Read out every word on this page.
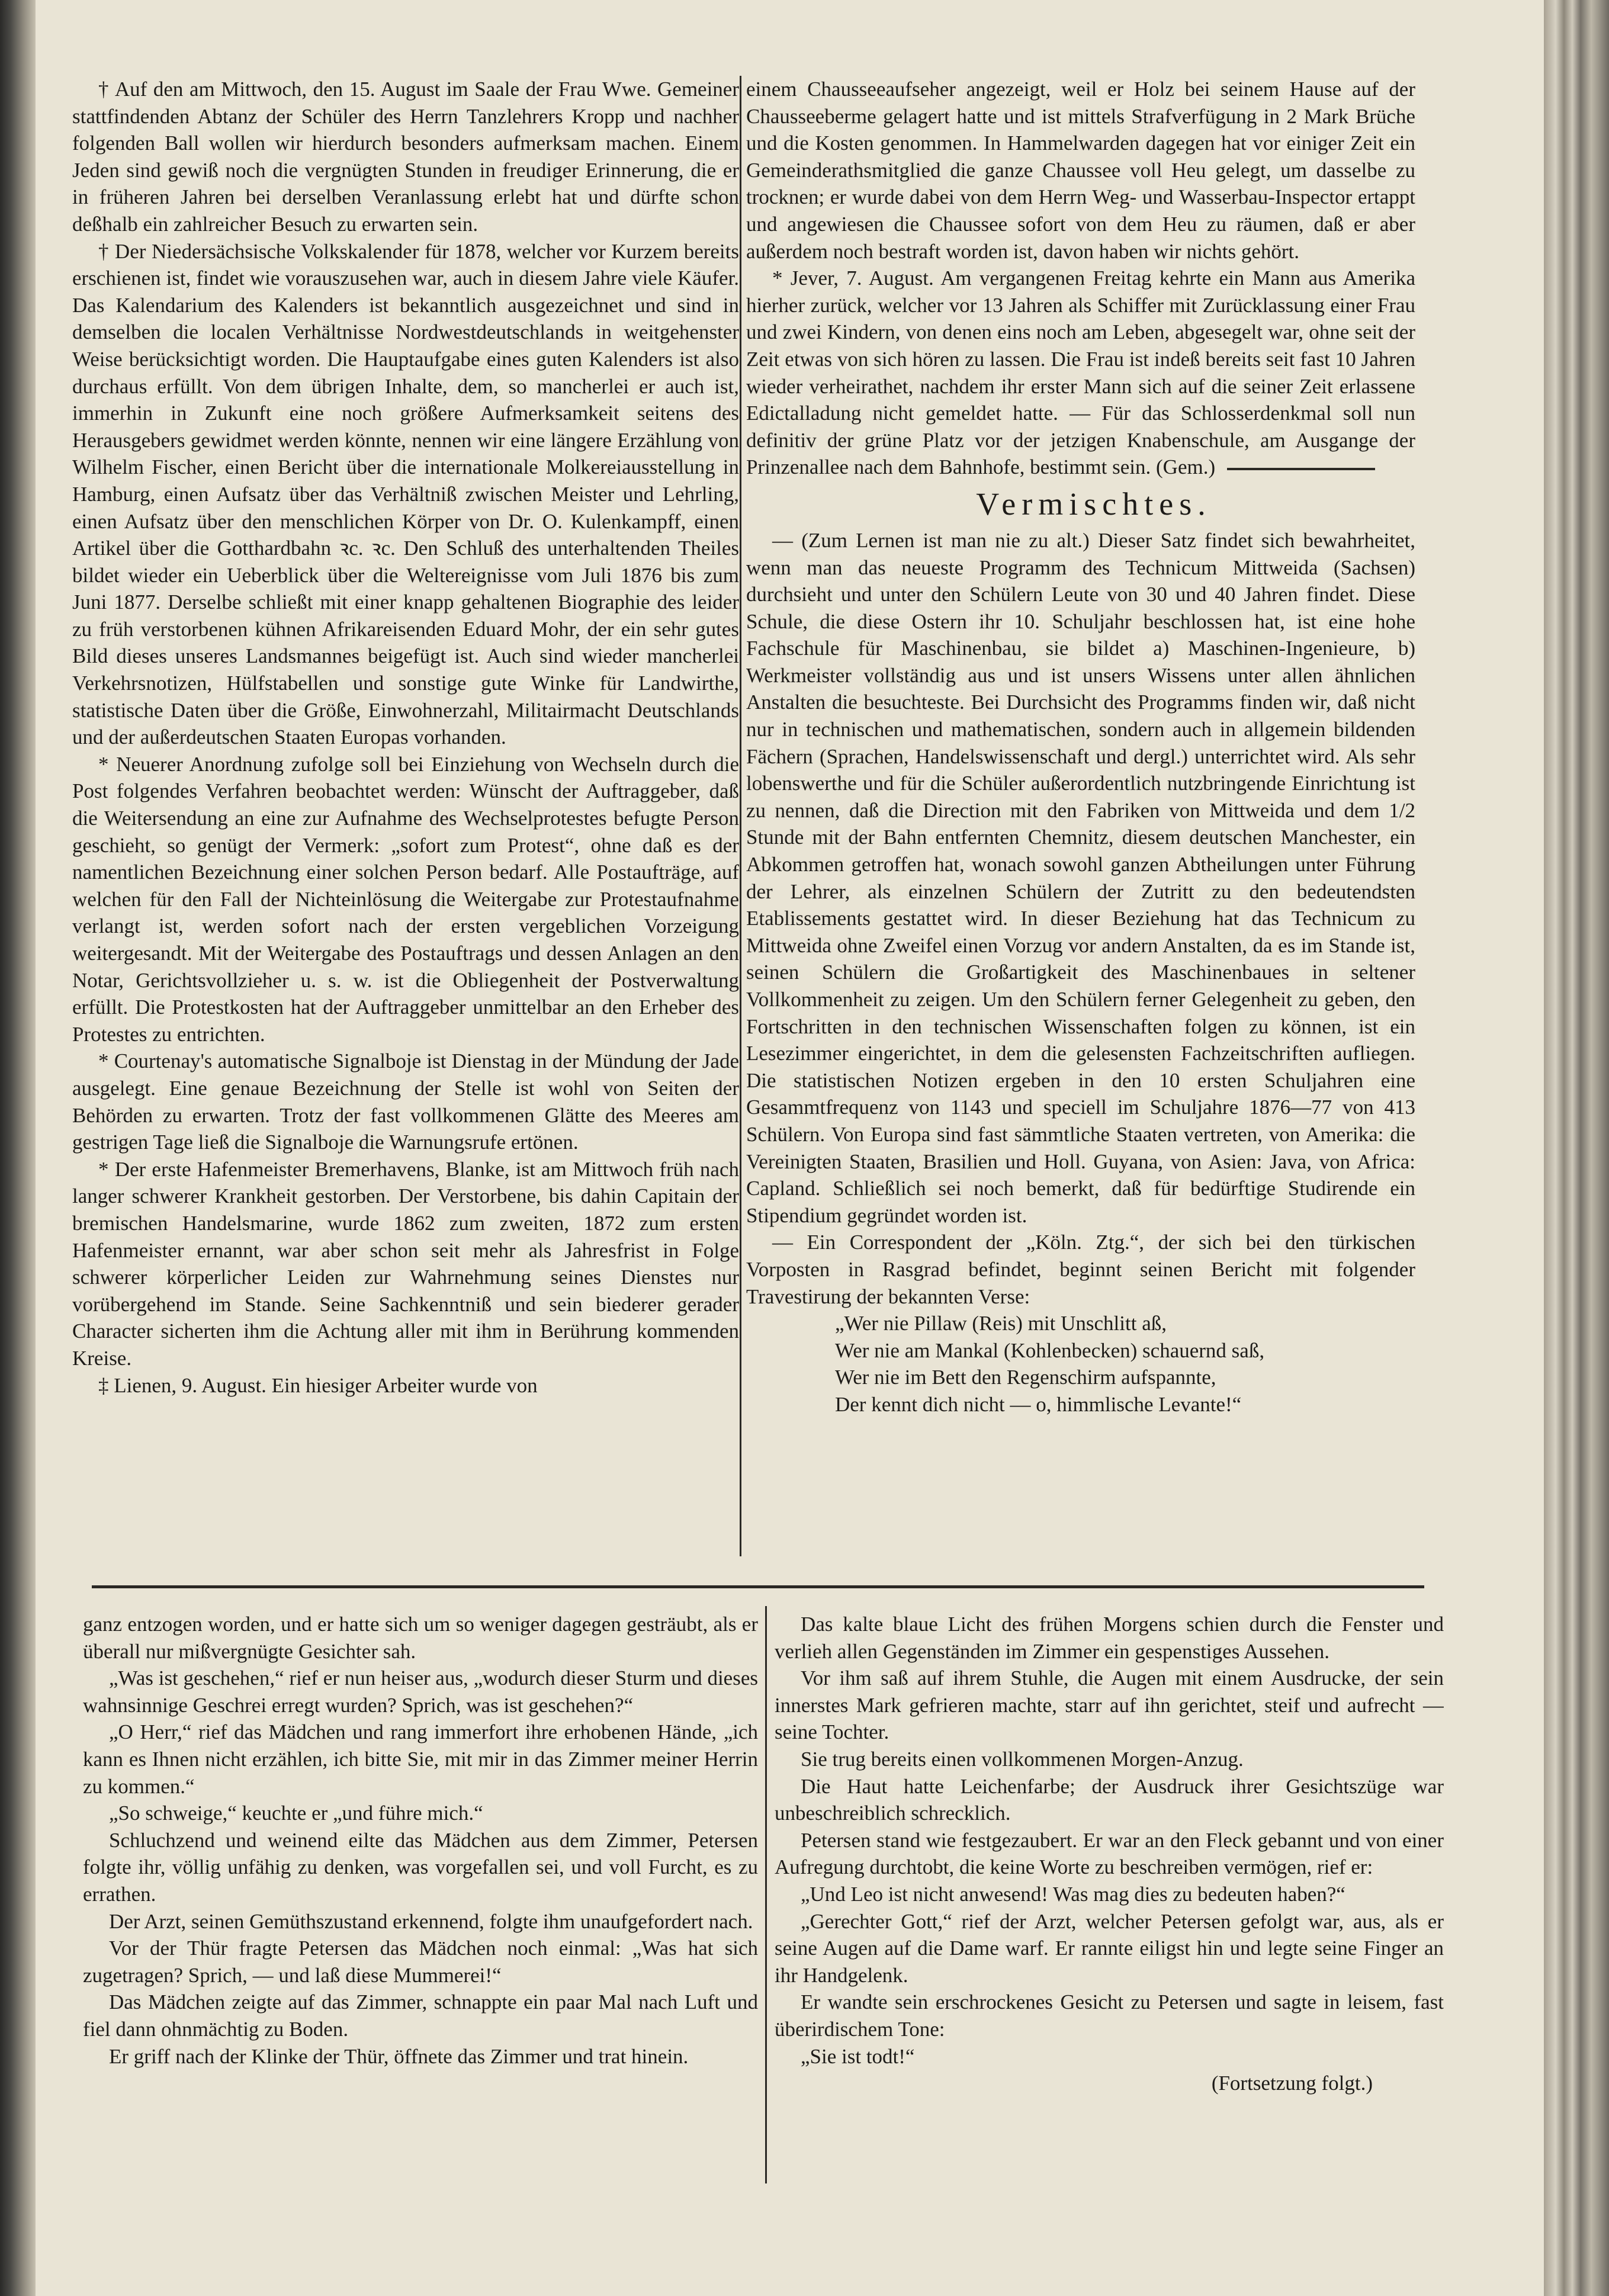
† Auf den am Mittwoch, den 15. August im Saale der Frau Wwe. Gemeiner stattfindenden Abtanz der Schüler des Herrn Tanzlehrers Kropp und nachher folgenden Ball wollen wir hierdurch besonders aufmerksam machen. Einem Jeden sind gewiß noch die vergnügten Stunden in freudiger Erinnerung, die er in früheren Jahren bei derselben Veranlassung erlebt hat und dürfte schon deßhalb ein zahlreicher Besuch zu erwarten sein.

† Der Niedersächsische Volkskalender für 1878, welcher vor Kurzem bereits erschienen ist, findet wie vorauszusehen war, auch in diesem Jahre viele Käufer. Das Kalendarium des Kalenders ist bekanntlich ausgezeichnet und sind in demselben die localen Verhältnisse Nordwestdeutschlands in weitgehenster Weise berücksichtigt worden. Die Hauptaufgabe eines guten Kalenders ist also durchaus erfüllt. Von dem übrigen Inhalte, dem, so mancherlei er auch ist, immerhin in Zukunft eine noch größere Aufmerksamkeit seitens des Herausgebers gewidmet werden könnte, nennen wir eine längere Erzählung von Wilhelm Fischer, einen Bericht über die internationale Molkereiausstellung in Hamburg, einen Aufsatz über das Verhältniß zwischen Meister und Lehrling, einen Aufsatz über den menschlichen Körper von Dr. O. Kulenkampff, einen Artikel über die Gotthardbahn ꝛc. ꝛc. Den Schluß des unterhaltenden Theiles bildet wieder ein Ueberblick über die Weltereignisse vom Juli 1876 bis zum Juni 1877. Derselbe schließt mit einer knapp gehaltenen Biographie des leider zu früh verstorbenen kühnen Afrikareisenden Eduard Mohr, der ein sehr gutes Bild dieses unseres Landsmannes beigefügt ist. Auch sind wieder mancherlei Verkehrsnotizen, Hülfstabellen und sonstige gute Winke für Landwirthe, statistische Daten über die Größe, Einwohnerzahl, Militairmacht Deutschlands und der außerdeutschen Staaten Europas vorhanden.

* Neuerer Anordnung zufolge soll bei Einziehung von Wechseln durch die Post folgendes Verfahren beobachtet werden: Wünscht der Auftraggeber, daß die Weitersendung an eine zur Aufnahme des Wechselprotestes befugte Person geschieht, so genügt der Vermerk: „sofort zum Protest“, ohne daß es der namentlichen Bezeichnung einer solchen Person bedarf. Alle Postaufträge, auf welchen für den Fall der Nichteinlösung die Weitergabe zur Protestaufnahme verlangt ist, werden sofort nach der ersten vergeblichen Vorzeigung weitergesandt. Mit der Weitergabe des Postauftrags und dessen Anlagen an den Notar, Gerichtsvollzieher u. s. w. ist die Obliegenheit der Postverwaltung erfüllt. Die Protestkosten hat der Auftraggeber unmittelbar an den Erheber des Protestes zu entrichten.

* Courtenay's automatische Signalboje ist Dienstag in der Mündung der Jade ausgelegt. Eine genaue Bezeichnung der Stelle ist wohl von Seiten der Behörden zu erwarten. Trotz der fast vollkommenen Glätte des Meeres am gestrigen Tage ließ die Signalboje die Warnungsrufe ertönen.

* Der erste Hafenmeister Bremerhavens, Blanke, ist am Mittwoch früh nach langer schwerer Krankheit gestorben. Der Verstorbene, bis dahin Capitain der bremischen Handelsmarine, wurde 1862 zum zweiten, 1872 zum ersten Hafenmeister ernannt, war aber schon seit mehr als Jahresfrist in Folge schwerer körperlicher Leiden zur Wahrnehmung seines Dienstes nur vorübergehend im Stande. Seine Sachkenntniß und sein biederer gerader Character sicherten ihm die Achtung aller mit ihm in Berührung kommenden Kreise.

‡ Lienen, 9. August. Ein hiesiger Arbeiter wurde von

einem Chausseeaufseher angezeigt, weil er Holz bei seinem Hause auf der Chausseeberme gelagert hatte und ist mittels Strafverfügung in 2 Mark Brüche und die Kosten genommen. In Hammelwarden dagegen hat vor einiger Zeit ein Gemeinderathsmitglied die ganze Chaussee voll Heu gelegt, um dasselbe zu trocknen; er wurde dabei von dem Herrn Weg- und Wasserbau-Inspector ertappt und angewiesen die Chaussee sofort von dem Heu zu räumen, daß er aber außerdem noch bestraft worden ist, davon haben wir nichts gehört.

* Jever, 7. August. Am vergangenen Freitag kehrte ein Mann aus Amerika hierher zurück, welcher vor 13 Jahren als Schiffer mit Zurücklassung einer Frau und zwei Kindern, von denen eins noch am Leben, abgesegelt war, ohne seit der Zeit etwas von sich hören zu lassen. Die Frau ist indeß bereits seit fast 10 Jahren wieder verheirathet, nachdem ihr erster Mann sich auf die seiner Zeit erlassene Edictalladung nicht gemeldet hatte. — Für das Schlosserdenkmal soll nun definitiv der grüne Platz vor der jetzigen Knabenschule, am Ausgange der Prinzenallee nach dem Bahnhofe, bestimmt sein. (Gem.)

Vermischtes.

— (Zum Lernen ist man nie zu alt.) Dieser Satz findet sich bewahrheitet, wenn man das neueste Programm des Technicum Mittweida (Sachsen) durchsieht und unter den Schülern Leute von 30 und 40 Jahren findet. Diese Schule, die diese Ostern ihr 10. Schuljahr beschlossen hat, ist eine hohe Fachschule für Maschinenbau, sie bildet a) Maschinen-Ingenieure, b) Werkmeister vollständig aus und ist unsers Wissens unter allen ähnlichen Anstalten die besuchteste. Bei Durchsicht des Programms finden wir, daß nicht nur in technischen und mathematischen, sondern auch in allgemein bildenden Fächern (Sprachen, Handelswissenschaft und dergl.) unterrichtet wird. Als sehr lobenswerthe und für die Schüler außerordentlich nutzbringende Einrichtung ist zu nennen, daß die Direction mit den Fabriken von Mittweida und dem 1/2 Stunde mit der Bahn entfernten Chemnitz, diesem deutschen Manchester, ein Abkommen getroffen hat, wonach sowohl ganzen Abtheilungen unter Führung der Lehrer, als einzelnen Schülern der Zutritt zu den bedeutendsten Etablissements gestattet wird. In dieser Beziehung hat das Technicum zu Mittweida ohne Zweifel einen Vorzug vor andern Anstalten, da es im Stande ist, seinen Schülern die Großartigkeit des Maschinenbaues in seltener Vollkommenheit zu zeigen. Um den Schülern ferner Gelegenheit zu geben, den Fortschritten in den technischen Wissenschaften folgen zu können, ist ein Lesezimmer eingerichtet, in dem die gelesensten Fachzeitschriften aufliegen. Die statistischen Notizen ergeben in den 10 ersten Schuljahren eine Gesammtfrequenz von 1143 und speciell im Schuljahre 1876—77 von 413 Schülern. Von Europa sind fast sämmtliche Staaten vertreten, von Amerika: die Vereinigten Staaten, Brasilien und Holl. Guyana, von Asien: Java, von Africa: Capland. Schließlich sei noch bemerkt, daß für bedürftige Studirende ein Stipendium gegründet worden ist.

— Ein Correspondent der „Köln. Ztg.“, der sich bei den türkischen Vorposten in Rasgrad befindet, beginnt seinen Bericht mit folgender Travestirung der bekannten Verse:

„Wer nie Pillaw (Reis) mit Unschlitt aß,

Wer nie am Mankal (Kohlenbecken) schauernd saß,

Wer nie im Bett den Regenschirm aufspannte,

Der kennt dich nicht — o, himmlische Levante!“

ganz entzogen worden, und er hatte sich um so weniger dagegen gesträubt, als er überall nur mißvergnügte Gesichter sah.

„Was ist geschehen,“ rief er nun heiser aus, „wodurch dieser Sturm und dieses wahnsinnige Geschrei erregt wurden? Sprich, was ist geschehen?“

„O Herr,“ rief das Mädchen und rang immerfort ihre erhobenen Hände, „ich kann es Ihnen nicht erzählen, ich bitte Sie, mit mir in das Zimmer meiner Herrin zu kommen.“

„So schweige,“ keuchte er „und führe mich.“

Schluchzend und weinend eilte das Mädchen aus dem Zimmer, Petersen folgte ihr, völlig unfähig zu denken, was vorgefallen sei, und voll Furcht, es zu errathen.

Der Arzt, seinen Gemüthszustand erkennend, folgte ihm unaufgefordert nach.

Vor der Thür fragte Petersen das Mädchen noch einmal: „Was hat sich zugetragen? Sprich, — und laß diese Mummerei!“

Das Mädchen zeigte auf das Zimmer, schnappte ein paar Mal nach Luft und fiel dann ohnmächtig zu Boden.

Er griff nach der Klinke der Thür, öffnete das Zimmer und trat hinein.

Das kalte blaue Licht des frühen Morgens schien durch die Fenster und verlieh allen Gegenständen im Zimmer ein gespenstiges Aussehen.

Vor ihm saß auf ihrem Stuhle, die Augen mit einem Ausdrucke, der sein innerstes Mark gefrieren machte, starr auf ihn gerichtet, steif und aufrecht — seine Tochter.

Sie trug bereits einen vollkommenen Morgen-Anzug.

Die Haut hatte Leichenfarbe; der Ausdruck ihrer Gesichtszüge war unbeschreiblich schrecklich.

Petersen stand wie festgezaubert. Er war an den Fleck gebannt und von einer Aufregung durchtobt, die keine Worte zu beschreiben vermögen, rief er:

„Und Leo ist nicht anwesend! Was mag dies zu bedeuten haben?“

„Gerechter Gott,“ rief der Arzt, welcher Petersen gefolgt war, aus, als er seine Augen auf die Dame warf. Er rannte eiligst hin und legte seine Finger an ihr Handgelenk.

Er wandte sein erschrockenes Gesicht zu Petersen und sagte in leisem, fast überirdischem Tone:

„Sie ist todt!“

(Fortsetzung folgt.)
